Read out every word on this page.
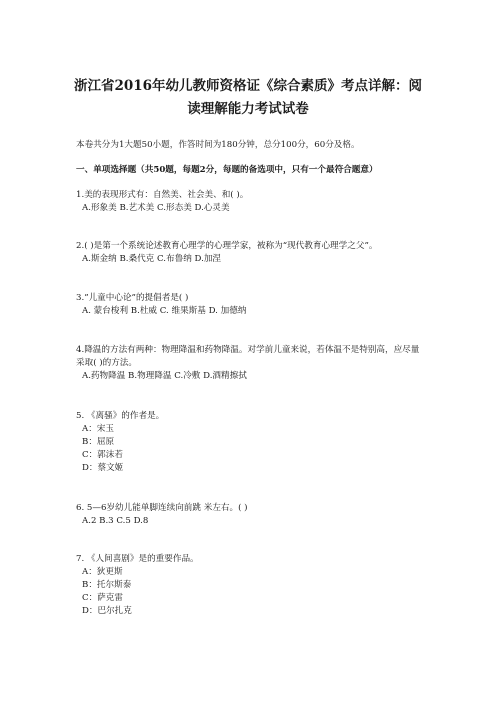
浙江省2016年幼儿教师资格证《综合素质》考点详解：阅
读理解能力考试试卷
本卷共分为1大题50小题，作答时间为180分钟，总分100分，60分及格。
一、单项选择题（共50题，每题2分，每题的备选项中，只有一个最符合题意）
1.美的表现形式有：自然美、社会美、和( )。
A.形象美 B.艺术美 C.形态美 D.心灵美
2.( )是第一个系统论述教育心理学的心理学家，被称为“现代教育心理学之父”。
A.斯金纳 B.桑代克 C.布鲁纳 D.加涅
3.”儿童中心论”的提倡者是( )
A. 蒙台梭利 B.杜威 C. 维果斯基 D. 加德纳
4.降温的方法有两种：物理降温和药物降温。对学前儿童来说，若体温不是特别高，应尽量采取( )的方法。
A.药物降温 B.物理降温 C.冷敷 D.酒精擦拭
5. 《离骚》的作者是。
A：宋玉
B：屈原
C：郭沫若
D：蔡文姬
6. 5—6岁幼儿能单脚连续向前跳 米左右。( )
A.2 B.3 C.5 D.8
7. 《人间喜剧》是的重要作品。
A：狄更斯
B：托尔斯泰
C：萨克雷
D：巴尔扎克
